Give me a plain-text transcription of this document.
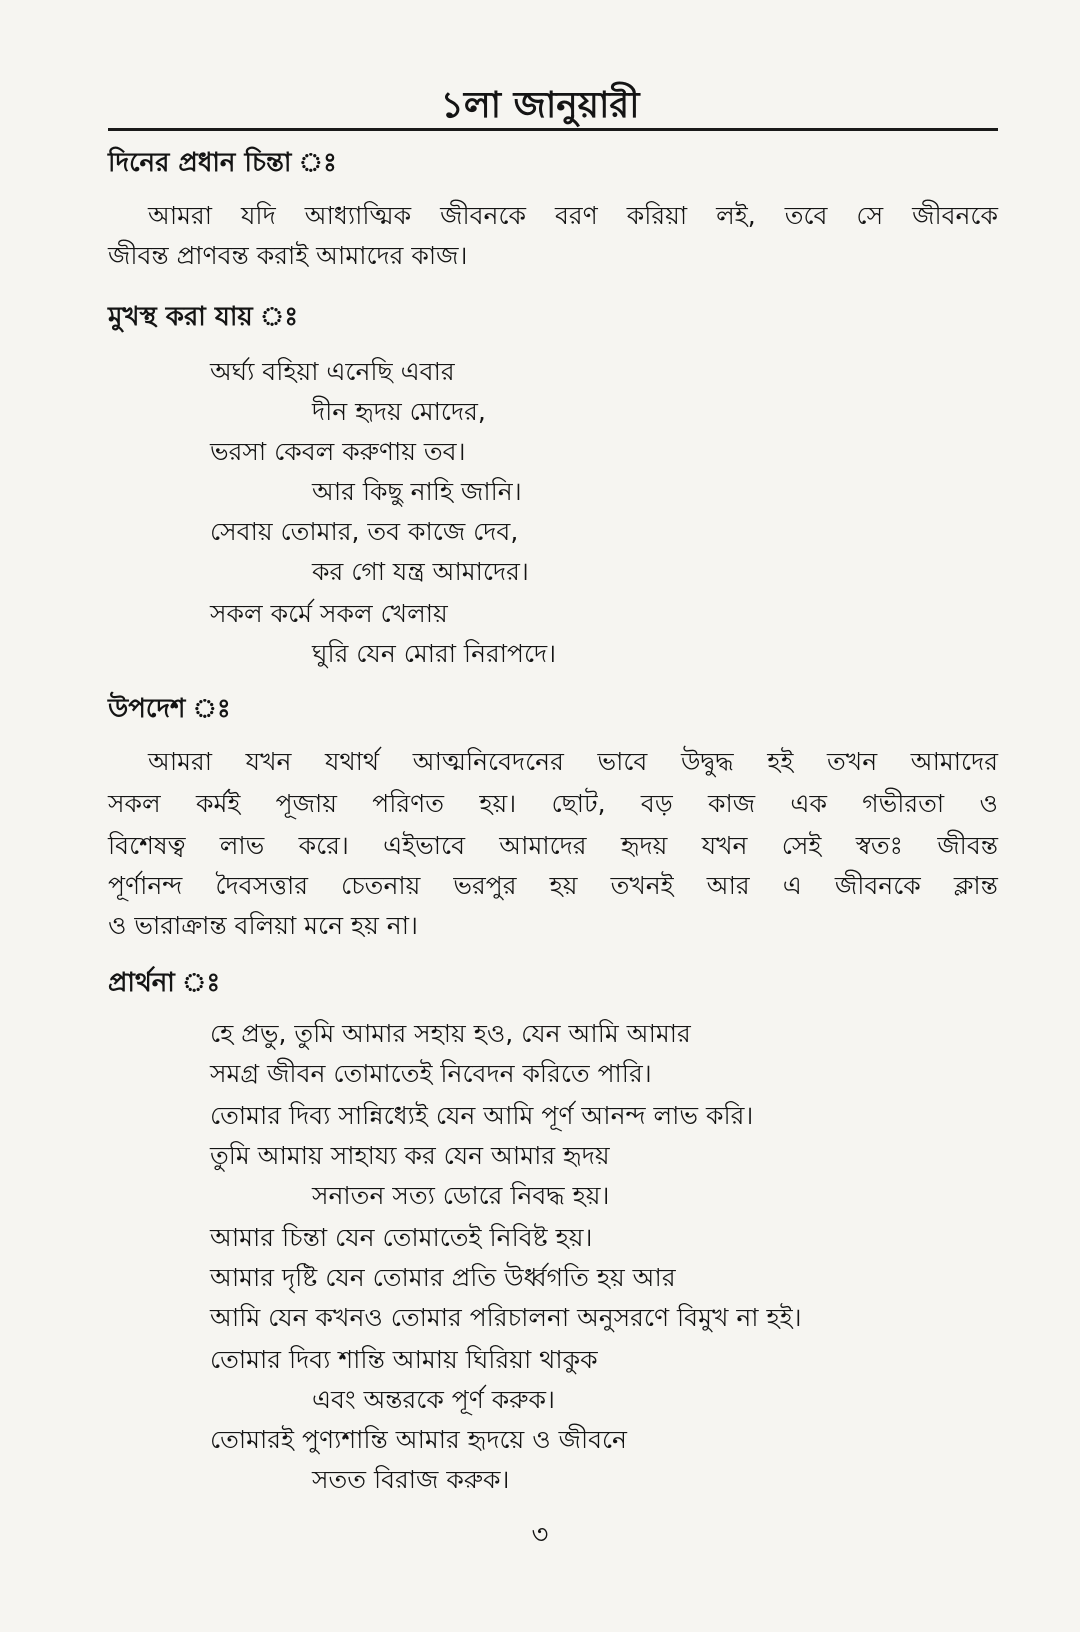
১লা জানুয়ারী
দিনের প্রধান চিন্তা ঃ
আমরা যদি আধ্যাত্মিক জীবনকে বরণ করিয়া লই, তবে সে জীবনকে
জীবন্ত প্রাণবন্ত করাই আমাদের কাজ।
মুখস্থ করা যায় ঃ
অর্ঘ্য বহিয়া এনেছি এবার
দীন হৃদয় মোদের,
ভরসা কেবল করুণায় তব।
আর কিছু নাহি জানি।
সেবায় তোমার, তব কাজে দেব,
কর গো যন্ত্র আমাদের।
সকল কর্মে সকল খেলায়
ঘুরি যেন মোরা নিরাপদে।
উপদেশ ঃ
আমরা যখন যথার্থ আত্মনিবেদনের ভাবে উদ্বুদ্ধ হই তখন আমাদের
সকল কর্মই পূজায় পরিণত হয়। ছোট, বড় কাজ এক গভীরতা ও
বিশেষত্ব লাভ করে। এইভাবে আমাদের হৃদয় যখন সেই স্বতঃ জীবন্ত
পূর্ণানন্দ দৈবসত্তার চেতনায় ভরপুর হয় তখনই আর এ জীবনকে ক্লান্ত
ও ভারাক্রান্ত বলিয়া মনে হয় না।
প্রার্থনা ঃ
হে প্রভু, তুমি আমার সহায় হও, যেন আমি আমার
সমগ্র জীবন তোমাতেই নিবেদন করিতে পারি।
তোমার দিব্য সান্নিধ্যেই যেন আমি পূর্ণ আনন্দ লাভ করি।
তুমি আমায় সাহায্য কর যেন আমার হৃদয়
সনাতন সত্য ডোরে নিবদ্ধ হয়।
আমার চিন্তা যেন তোমাতেই নিবিষ্ট হয়।
আমার দৃষ্টি যেন তোমার প্রতি উর্ধ্বগতি হয় আর
আমি যেন কখনও তোমার পরিচালনা অনুসরণে বিমুখ না হই।
তোমার দিব্য শান্তি আমায় ঘিরিয়া থাকুক
এবং অন্তরকে পূর্ণ করুক।
তোমারই পুণ্যশান্তি আমার হৃদয়ে ও জীবনে
সতত বিরাজ করুক।
৩
